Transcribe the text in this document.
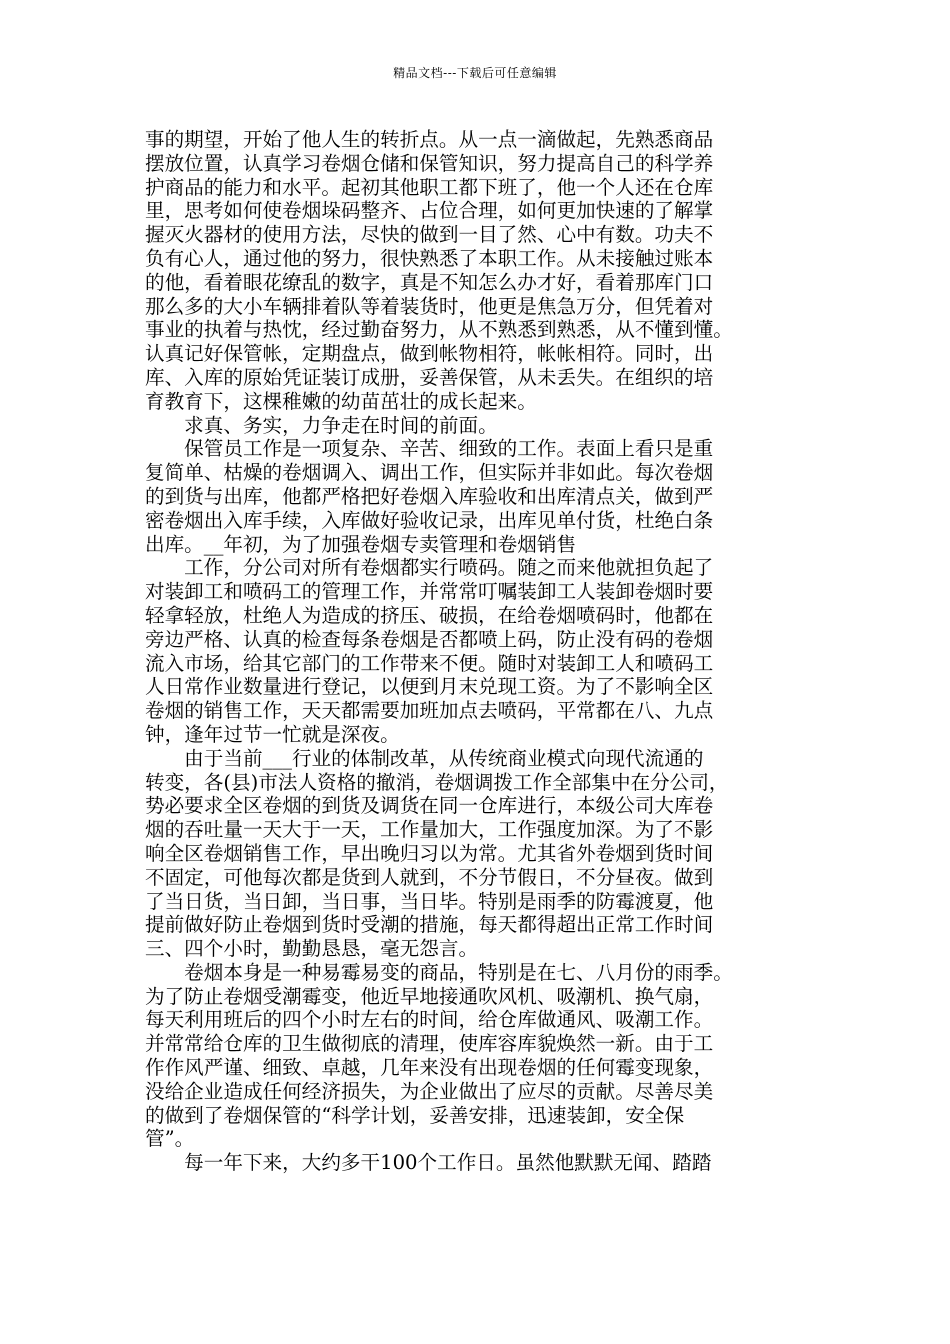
精品文档---下载后可任意编辑
事的期望，开始了他人生的转折点。从一点一滴做起，先熟悉商品
摆放位置，认真学习卷烟仓储和保管知识，努力提高自己的科学养
护商品的能力和水平。起初其他职工都下班了，他一个人还在仓库
里，思考如何使卷烟垛码整齐、占位合理，如何更加快速的了解掌
握灭火器材的使用方法，尽快的做到一目了然、心中有数。功夫不
负有心人，通过他的努力，很快熟悉了本职工作。从未接触过账本
的他，看着眼花缭乱的数字，真是不知怎么办才好，看着那库门口
那么多的大小车辆排着队等着装货时，他更是焦急万分，但凭着对
事业的执着与热忱，经过勤奋努力，从不熟悉到熟悉，从不懂到懂。
认真记好保管帐，定期盘点，做到帐物相符，帐帐相符。同时，出
库、入库的原始凭证装订成册，妥善保管，从未丢失。在组织的培
育教育下，这棵稚嫩的幼苗茁壮的成长起来。
　　求真、务实，力争走在时间的前面。
　　保管员工作是一项复杂、辛苦、细致的工作。表面上看只是重
复简单、枯燥的卷烟调入、调出工作，但实际并非如此。每次卷烟
的到货与出库，他都严格把好卷烟入库验收和出库清点关，做到严
密卷烟出入库手续，入库做好验收记录，出库见单付货，杜绝白条
出库。__年初，为了加强卷烟专卖管理和卷烟销售
　　工作，分公司对所有卷烟都实行喷码。随之而来他就担负起了
对装卸工和喷码工的管理工作，并常常叮嘱装卸工人装卸卷烟时要
轻拿轻放，杜绝人为造成的挤压、破损，在给卷烟喷码时，他都在
旁边严格、认真的检查每条卷烟是否都喷上码，防止没有码的卷烟
流入市场，给其它部门的工作带来不便。随时对装卸工人和喷码工
人日常作业数量进行登记，以便到月末兑现工资。为了不影响全区
卷烟的销售工作，天天都需要加班加点去喷码，平常都在八、九点
钟，逢年过节一忙就是深夜。
　　由于当前___行业的体制改革，从传统商业模式向现代流通的
转变，各(县)市法人资格的撤消，卷烟调拨工作全部集中在分公司，
势必要求全区卷烟的到货及调货在同一仓库进行，本级公司大库卷
烟的吞吐量一天大于一天，工作量加大，工作强度加深。为了不影
响全区卷烟销售工作，早出晚归习以为常。尤其省外卷烟到货时间
不固定，可他每次都是货到人就到，不分节假日，不分昼夜。做到
了当日货，当日卸，当日事，当日毕。特别是雨季的防霉渡夏，他
提前做好防止卷烟到货时受潮的措施，每天都得超出正常工作时间
三、四个小时，勤勤恳恳，毫无怨言。
　　卷烟本身是一种易霉易变的商品，特别是在七、八月份的雨季。
为了防止卷烟受潮霉变，他近早地接通吹风机、吸潮机、换气扇，
每天利用班后的四个小时左右的时间，给仓库做通风、吸潮工作。
并常常给仓库的卫生做彻底的清理，使库容库貌焕然一新。由于工
作作风严谨、细致、卓越，几年来没有出现卷烟的任何霉变现象，
没给企业造成任何经济损失，为企业做出了应尽的贡献。尽善尽美
的做到了卷烟保管的“科学计划，妥善安排，迅速装卸，安全保
管”。
　　每一年下来，大约多干100个工作日。虽然他默默无闻、踏踏
